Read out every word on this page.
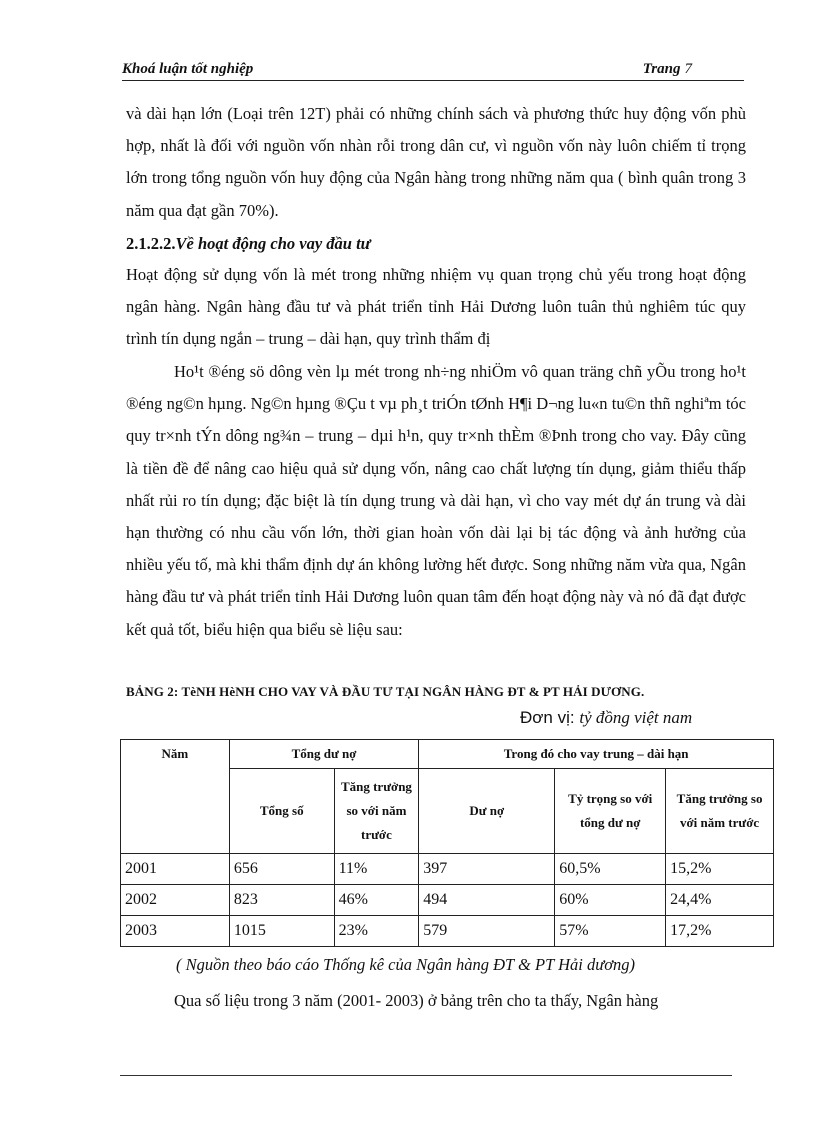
Khoá luận tốt nghiệp	Trang 7

và dài hạn lớn (Loại trên 12T) phải có những chính sách và phương thức huy động vốn phù hợp, nhất là đối với nguồn vốn nhàn rỗi trong dân cư, vì nguồn vốn này luôn chiếm tỉ trọng lớn trong tổng nguồn vốn huy động của Ngân hàng trong những năm qua ( bình quân trong 3 năm qua đạt gần 70%).

2.1.2.2.Về hoạt động cho vay đầu tư

Hoạt động sử dụng vốn là mét trong những nhiệm vụ quan trọng chủ yếu trong hoạt động ngân hàng. Ngân hàng đầu tư và phát triển tỉnh Hải Dương luôn tuân thủ nghiêm túc quy trình tín dụng ngắn – trung – dài hạn, quy trình thẩm đị

Ho¹t ®éng sö dông vèn lµ mét trong nh÷ng nhiÖm vô quan träng chñ yÕu trong ho¹t ®éng ng©n hµng. Ng©n hµng ®Çu t vµ ph¸t triÓn tØnh H¶i D¬ng lu«n tu©n thñ nghiªm tóc quy tr×nh tÝn dông ng¾n – trung – dµi h¹n, quy tr×nh thÈm ®Þnh trong cho vay. Đây cũng là tiền đề để nâng cao hiệu quả sử dụng vốn, nâng cao chất lượng tín dụng, giảm thiểu thấp nhất rủi ro tín dụng; đặc biệt là tín dụng trung và dài hạn, vì cho vay mét dự án trung và dài hạn thường có nhu cầu vốn lớn, thời gian hoàn vốn dài lại bị tác động và ảnh hưởng của nhiều yếu tố, mà khi thẩm định dự án không lường hết được. Song những năm vừa qua, Ngân hàng đầu tư và phát triển tỉnh Hải Dương luôn quan tâm đến hoạt động này và nó đã đạt được kết quả tốt, biểu hiện qua biểu sè liệu sau:

BẢNG 2: TèNH HèNH CHO VAY VÀ ĐẦU TƯ TẠI NGÂN HÀNG ĐT & PT HẢI DƯƠNG.
Đơn vị: tỷ đồng việt nam
Năm	Tổng dư nợ		Trong đó cho vay trung – dài hạn		
	Tổng số	Tăng trưởng so với năm trước	Dư nợ	Tỷ trọng so với tổng dư nợ	Tăng trưởng so với năm trước
2001	656	11%	397	60,5%	15,2%
2002	823	46%	494	60%	24,4%
2003	1015	23%	579	57%	17,2%
( Nguồn theo báo cáo Thống kê của Ngân hàng ĐT & PT Hải dương)

Qua số liệu trong 3 năm (2001- 2003) ở bảng trên cho ta thấy, Ngân hàng
